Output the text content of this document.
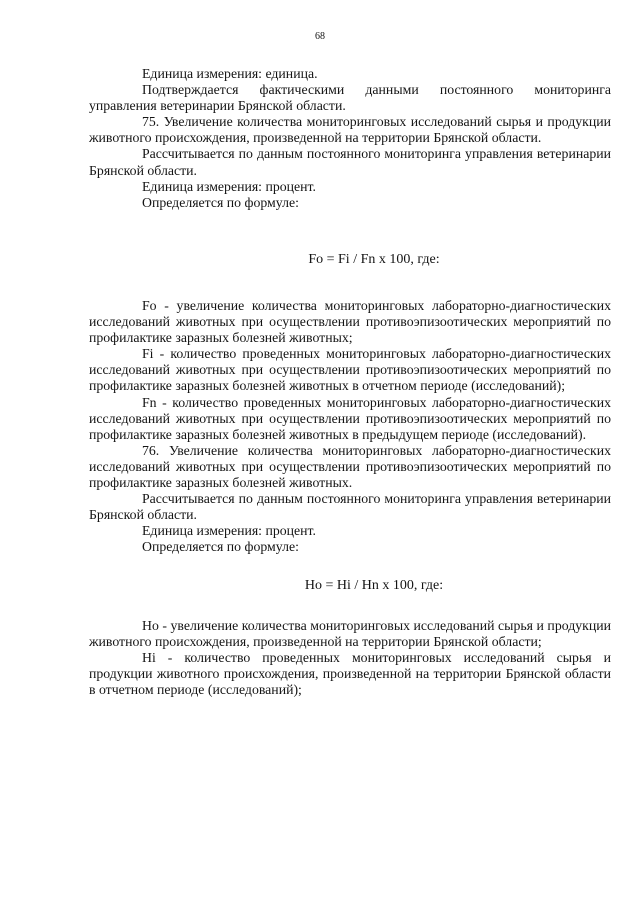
68

Единица измерения: единица.

Подтверждается фактическими данными постоянного мониторинга управления ветеринарии Брянской области.

75. Увеличение количества мониторинговых исследований сырья и продукции животного происхождения, произведенной на территории Брянской области.

Рассчитывается по данным постоянного мониторинга управления ветеринарии Брянской области.

Единица измерения: процент.

Определяется по формуле:

Fo = Fi / Fn x 100, где:

Fo - увеличение количества мониторинговых лабораторно-диагностических исследований животных при осуществлении противоэпизоотических мероприятий по профилактике заразных болезней животных;

Fi - количество проведенных мониторинговых лабораторно-диагностических исследований животных при осуществлении противоэпизоотических мероприятий по профилактике заразных болезней животных в отчетном периоде (исследований);

Fn - количество проведенных мониторинговых лабораторно-диагностических исследований животных при осуществлении противоэпизоотических мероприятий по профилактике заразных болезней животных в предыдущем периоде (исследований).

76. Увеличение количества мониторинговых лабораторно-диагностических исследований животных при осуществлении противоэпизоотических мероприятий по профилактике заразных болезней животных.

Рассчитывается по данным постоянного мониторинга управления ветеринарии Брянской области.

Единица измерения: процент.

Определяется по формуле:

Ho = Hi / Hn x 100, где:

Ho - увеличение количества мониторинговых исследований сырья и продукции животного происхождения, произведенной на территории Брянской области;

Hi - количество проведенных мониторинговых исследований сырья и продукции животного происхождения, произведенной на территории Брянской области в отчетном периоде (исследований);
